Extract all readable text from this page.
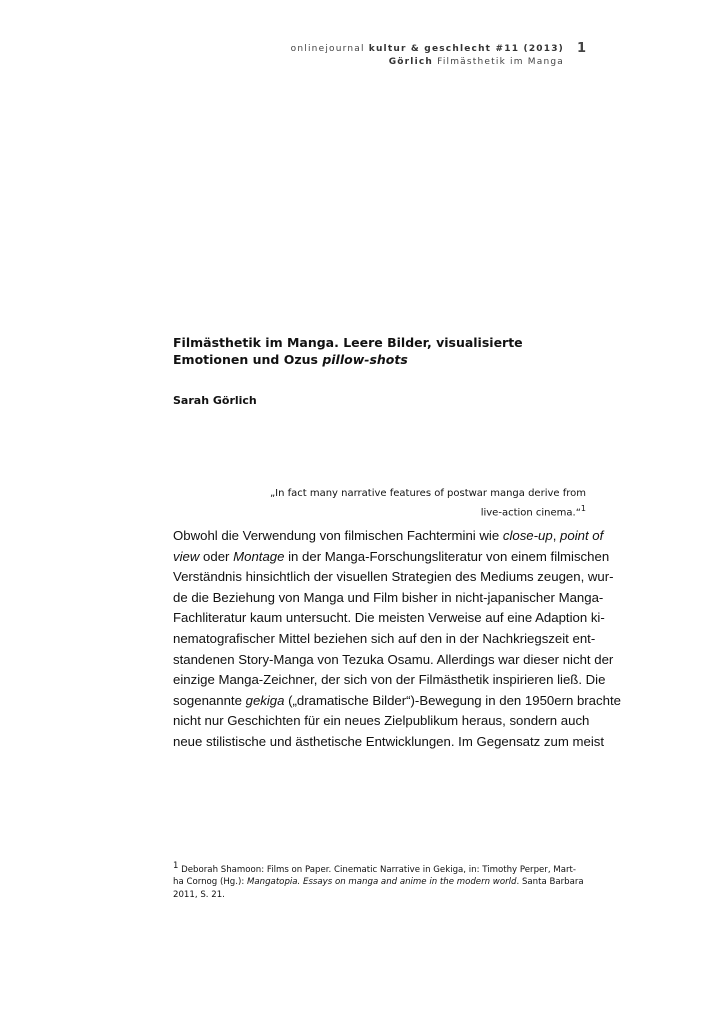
onlinejournal kultur & geschlecht #11 (2013)
Görlich Filmästhetik im Manga
1
Filmästhetik im Manga. Leere Bilder, visualisierte
Emotionen und Ozus pillow-shots
Sarah Görlich
„In fact many narrative features of postwar manga derive from
live-action cinema.“$^1$
Obwohl die Verwendung von filmischen Fachtermini wie close-up, point of
view oder Montage in der Manga-Forschungsliteratur von einem filmischen
Verständnis hinsichtlich der visuellen Strategien des Mediums zeugen, wur-
de die Beziehung von Manga und Film bisher in nicht-japanischer Manga-
Fachliteratur kaum untersucht. Die meisten Verweise auf eine Adaption ki-
nematografischer Mittel beziehen sich auf den in der Nachkriegszeit ent-
standenen Story-Manga von Tezuka Osamu. Allerdings war dieser nicht der
einzige Manga-Zeichner, der sich von der Filmästhetik inspirieren ließ. Die
sogenannte gekiga („dramatische Bilder“)-Bewegung in den 1950ern brachte
nicht nur Geschichten für ein neues Zielpublikum heraus, sondern auch
neue stilistische und ästhetische Entwicklungen. Im Gegensatz zum meist
$^1$ Deborah Shamoon: Films on Paper. Cinematic Narrative in Gekiga, in: Timothy Perper, Mart-
ha Cornog (Hg.): Mangatopia. Essays on manga and anime in the modern world. Santa Barbara
2011, S. 21.
